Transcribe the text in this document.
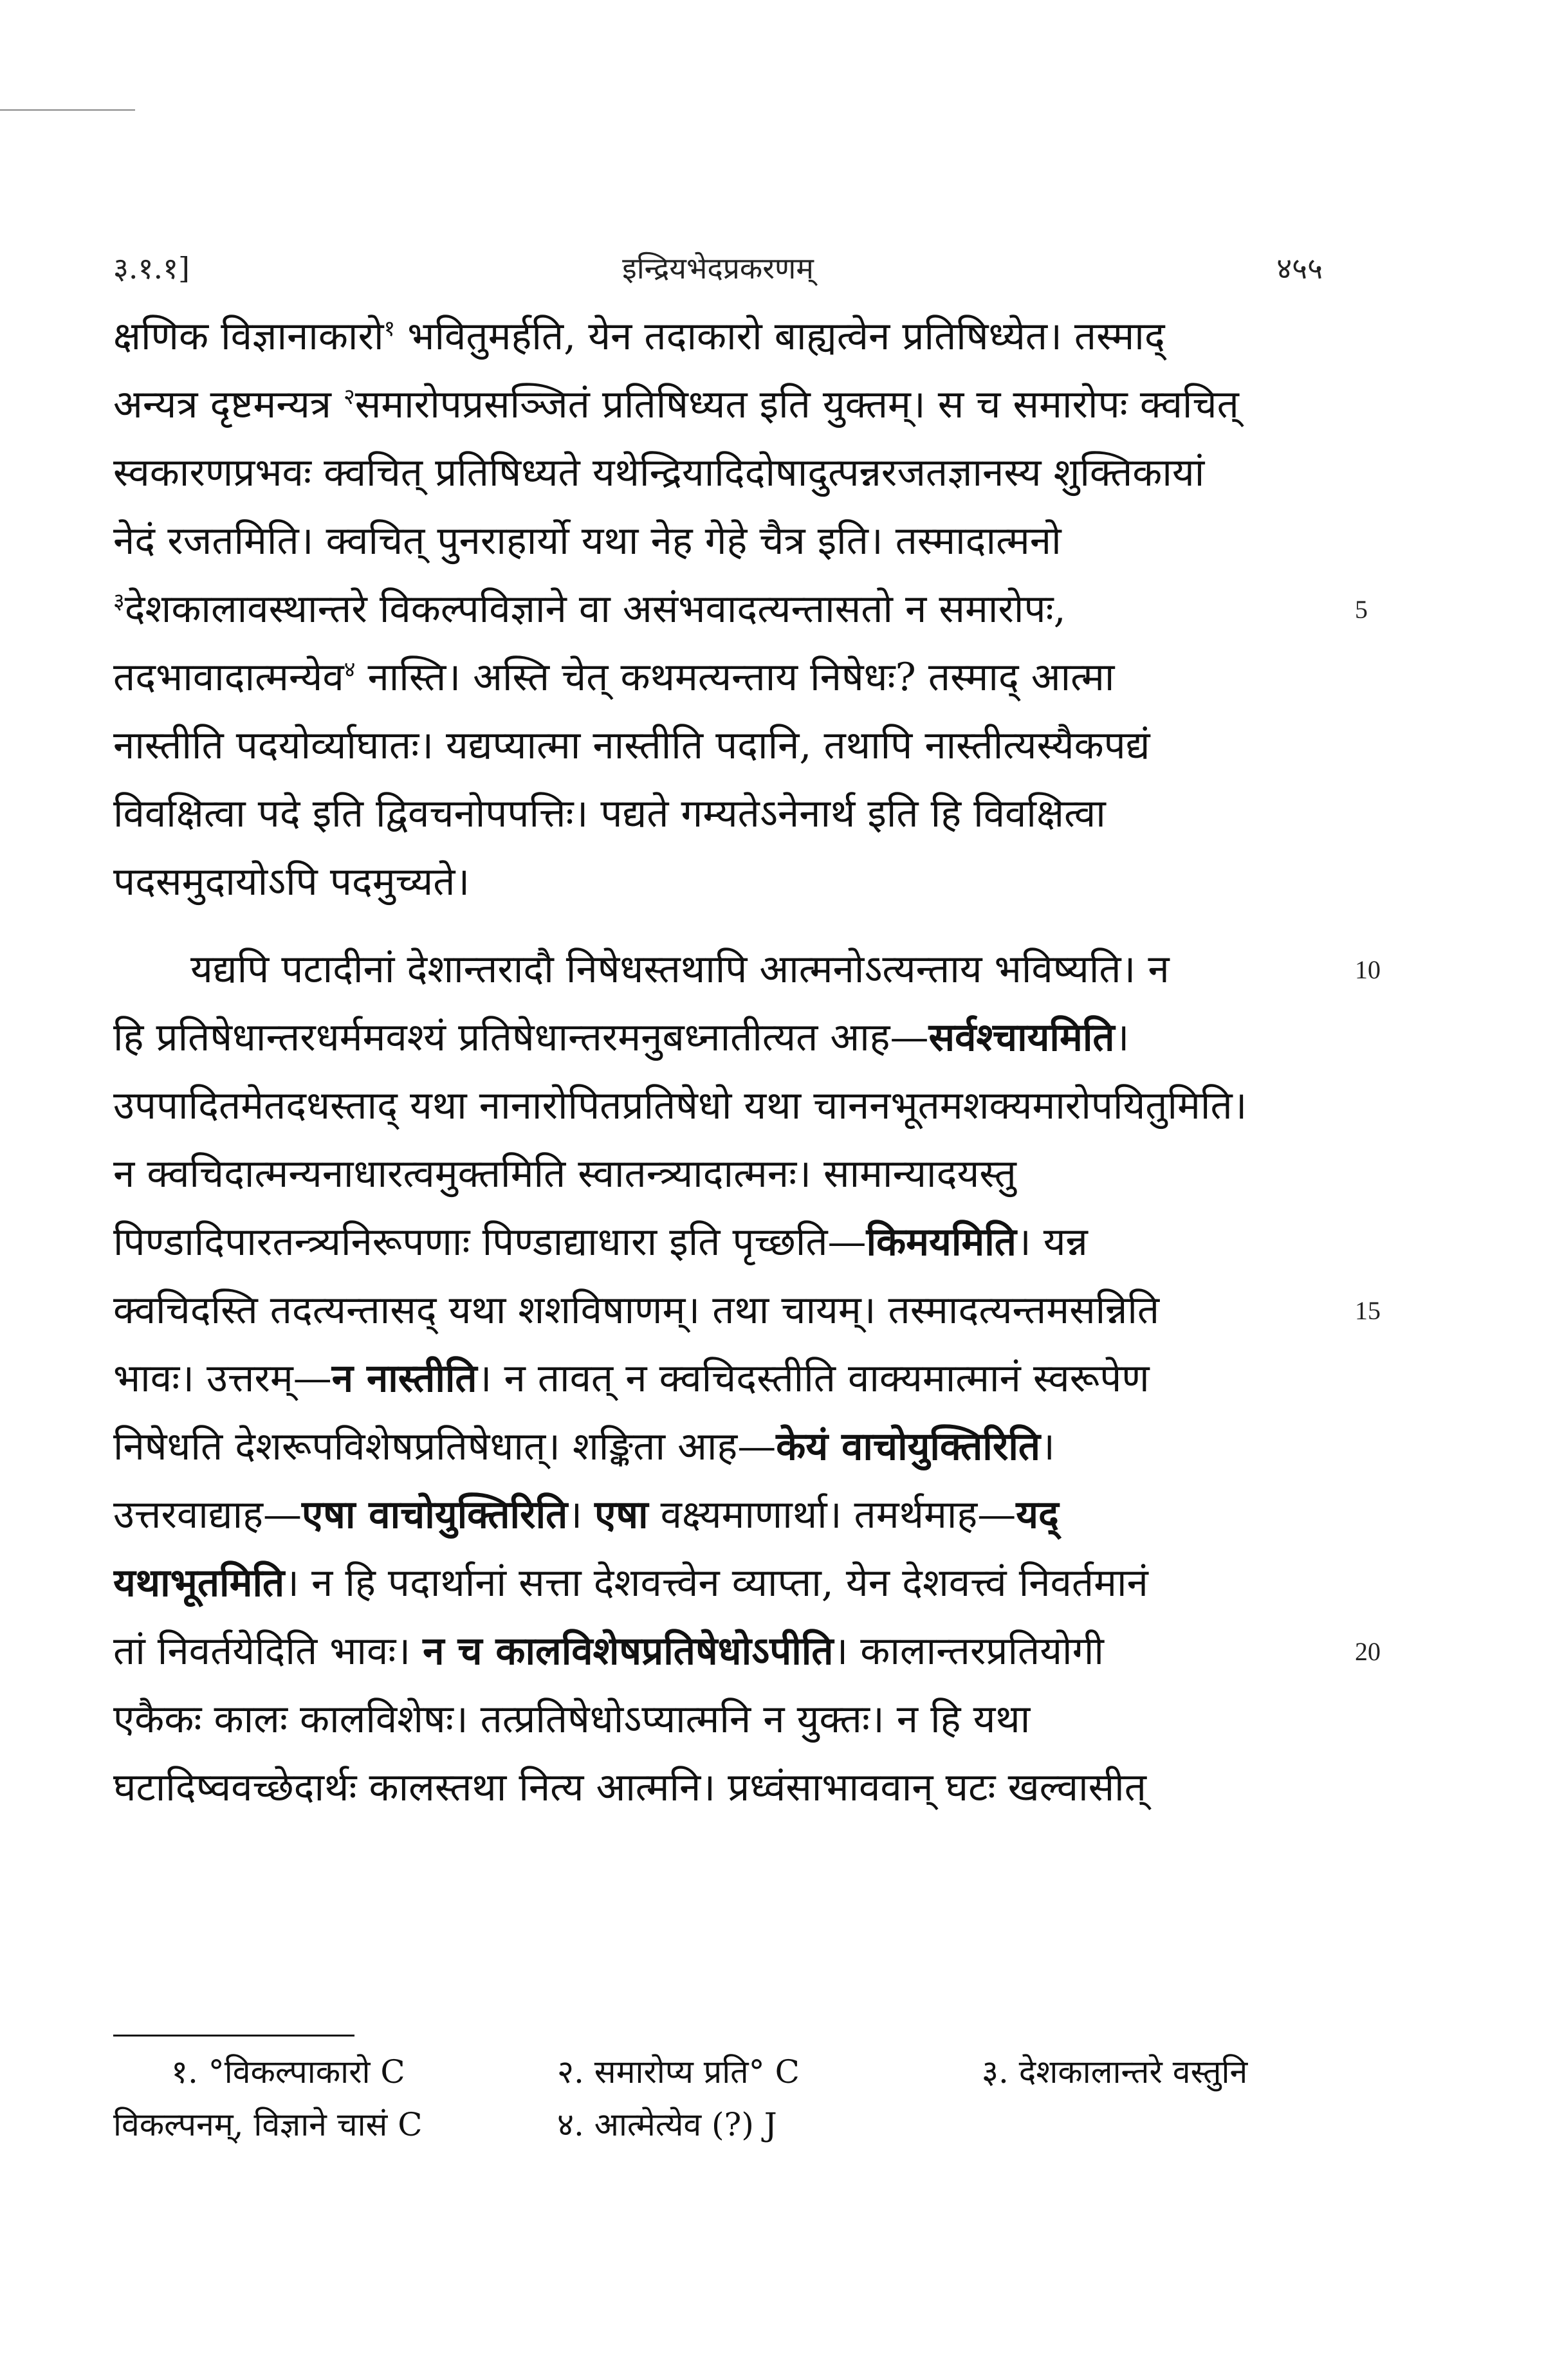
३.१.१]	इन्द्रियभेदप्रकरणम्	४५५
क्षणिक विज्ञानाकारो$^१$ भवितुमर्हति, येन तदाकारो बाह्यत्वेन प्रतिषिध्येत। तस्माद्
अन्यत्र दृष्टमन्यत्र $^२$समारोपप्रसञ्जितं प्रतिषिध्यत इति युक्तम्। स च समारोपः क्वचित्
स्वकारणप्रभवः क्वचित् प्रतिषिध्यते यथेन्द्रियादिदोषादुत्पन्नरजतज्ञानस्य शुक्तिकायां
नेदं रजतमिति। क्वचित् पुनराहार्यो यथा नेह गेहे चैत्र इति। तस्मादात्मनो
$^३$देशकालावस्थान्तरे विकल्पविज्ञाने वा असंभवादत्यन्तासतो न समारोपः,
तदभावादात्मन्येव$^४$ नास्ति। अस्ति चेत् कथमत्यन्ताय निषेधः? तस्माद् आत्मा
नास्तीति पदयोर्व्याघातः। यद्यप्यात्मा नास्तीति पदानि, तथापि नास्तीत्यस्यैकपद्यं
विवक्षित्वा पदे इति द्विवचनोपपत्तिः। पद्यते गम्यतेऽनेनार्थ इति हि विवक्षित्वा
पदसमुदायोऽपि पदमुच्यते।
यद्यपि पटादीनां देशान्तरादौ निषेधस्तथापि आत्मनोऽत्यन्ताय भविष्यति। न
हि प्रतिषेधान्तरधर्ममवश्यं प्रतिषेधान्तरमनुबध्नातीत्यत आह—सर्वश्चायमिति।
उपपादितमेतदधस्ताद् यथा नानारोपितप्रतिषेधो यथा चाननभूतमशक्यमारोपयितुमिति।
न क्वचिदात्मन्यनाधारत्वमुक्तमिति स्वातन्त्र्यादात्मनः। सामान्यादयस्तु
पिण्डादिपारतन्त्र्यनिरूपणाः पिण्डाद्याधारा इति पृच्छति—किमयमिति। यन्न
क्वचिदस्ति तदत्यन्तासद् यथा शशविषाणम्। तथा चायम्। तस्मादत्यन्तमसन्निति
भावः। उत्तरम्—न नास्तीति। न तावत् न क्वचिदस्तीति वाक्यमात्मानं स्वरूपेण
निषेधति देशरूपविशेषप्रतिषेधात्। शङ्किता आह—केयं वाचोयुक्तिरिति।
उत्तरवाद्याह—एषा वाचोयुक्तिरिति। एषा वक्ष्यमाणार्था। तमर्थमाह—यद्
यथाभूतमिति। न हि पदार्थानां सत्ता देशवत्त्वेन व्याप्ता, येन देशवत्त्वं निवर्तमानं
तां निवर्तयेदिति भावः। न च कालविशेषप्रतिषेधोऽपीति। कालान्तरप्रतियोगी
एकैकः कालः कालविशेषः। तत्प्रतिषेधोऽप्यात्मनि न युक्तः। न हि यथा
घटादिष्ववच्छेदार्थः कालस्तथा नित्य आत्मनि। प्रध्वंसाभाववान् घटः खल्वासीत्
१. °विकल्पाकारो C	२. समारोप्य प्रति° C	३. देशकालान्तरे वस्तुनि
विकल्पनम्, विज्ञाने चासं C	४. आत्मेत्येव (?) J
5
10
15
20
